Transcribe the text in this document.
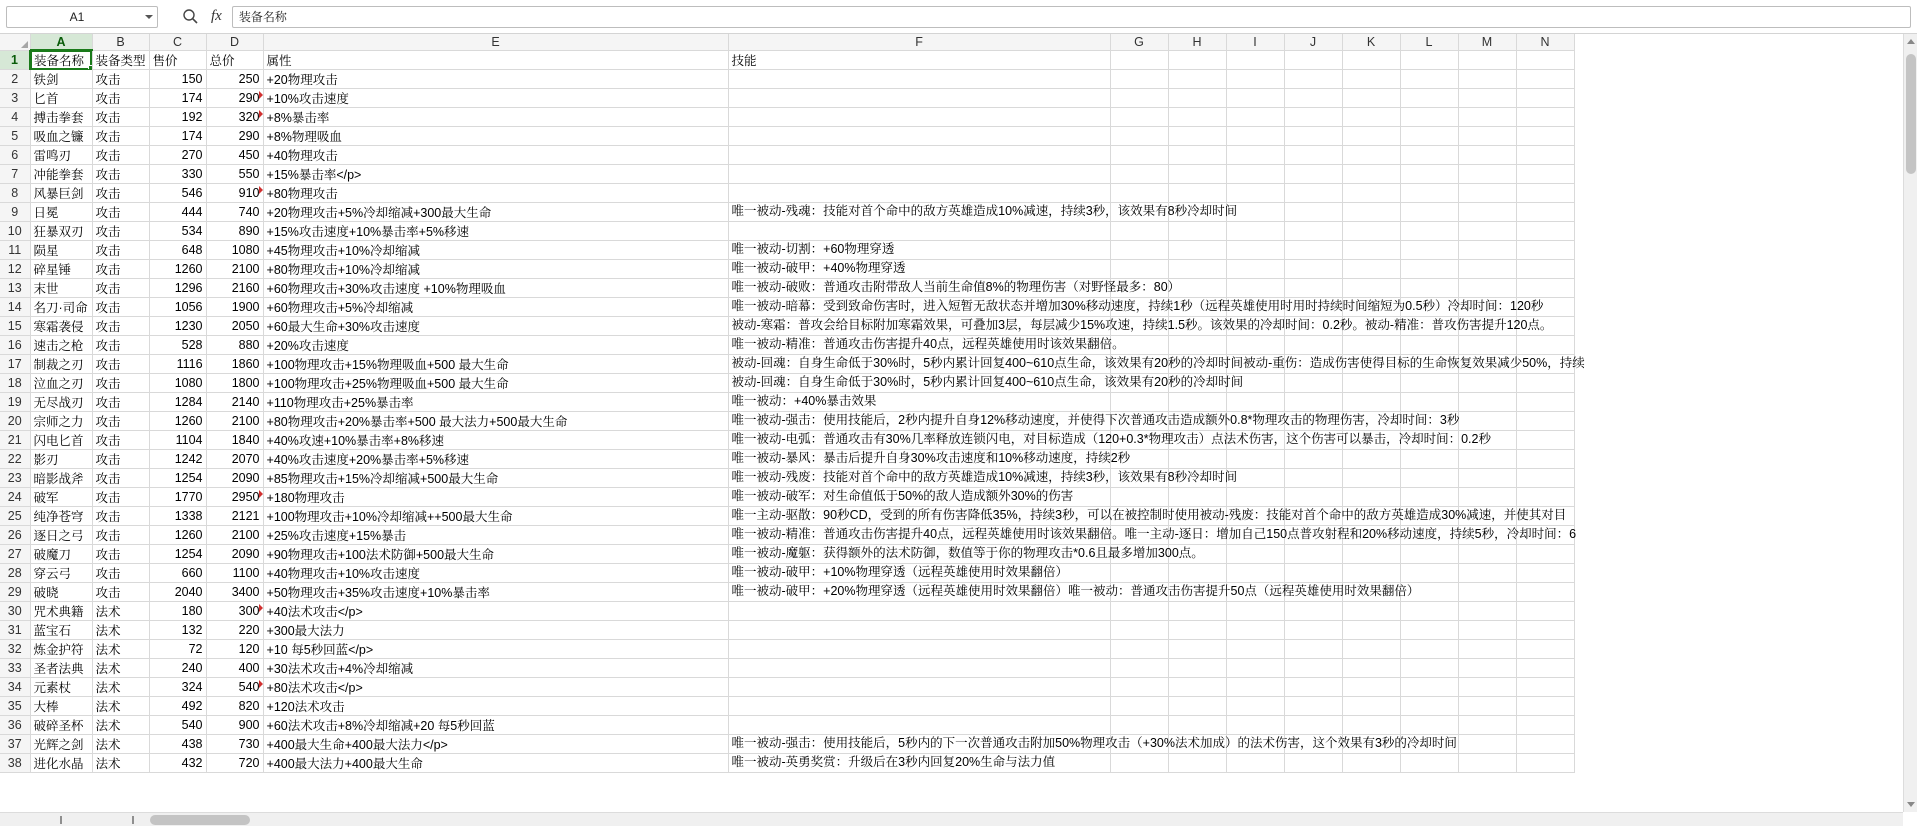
A1	fx	装备名称
	A	B	C	D	E	F	G	H	I	J	K	L	M	N
1	装备名称	装备类型	售价	总价	属性	技能								
2	铁剑	攻击	150	250	+20物理攻击									
3	匕首	攻击	174	290	+10%攻击速度									
4	搏击拳套	攻击	192	320	+8%暴击率									
5	吸血之镰	攻击	174	290	+8%物理吸血									
6	雷鸣刃	攻击	270	450	+40物理攻击									
7	冲能拳套	攻击	330	550	+15%暴击率</p>									
8	风暴巨剑	攻击	546	910	+80物理攻击									
9	日冕	攻击	444	740	+20物理攻击+5%冷却缩减+300最大生命	唯一被动-残魂：技能对首个命中的敌方英雄造成10%减速，持续3秒，该效果有8秒冷却时间								

10	狂暴双刃	攻击	534	890	+15%攻击速度+10%暴击率+5%移速									
11	陨星	攻击	648	1080	+45物理攻击+10%冷却缩减	唯一被动-切割：+60物理穿透								

12	碎星锤	攻击	1260	2100	+80物理攻击+10%冷却缩减	唯一被动-破甲：+40%物理穿透								

13	末世	攻击	1296	2160	+60物理攻击+30%攻击速度 +10%物理吸血	唯一被动-破败：普通攻击附带敌人当前生命值8%的物理伤害（对野怪最多：80）								

14	名刀·司命	攻击	1056	1900	+60物理攻击+5%冷却缩减	唯一被动-暗幕：受到致命伤害时，进入短暂无敌状态并增加30%移动速度，持续1秒（远程英雄使用时用时持续时间缩短为0.5秒）冷却时间：120秒								

15	寒霜袭侵	攻击	1230	2050	+60最大生命+30%攻击速度	被动-寒霜：普攻会给目标附加寒霜效果，可叠加3层，每层减少15%攻速，持续1.5秒。该效果的冷却时间：0.2秒。被动-精准：普攻伤害提升120点。								

16	速击之枪	攻击	528	880	+20%攻击速度	唯一被动-精准：普通攻击伤害提升40点，远程英雄使用时该效果翻倍。								

17	制裁之刃	攻击	1116	1860	+100物理攻击+15%物理吸血+500 最大生命	被动-回魂：自身生命低于30%时，5秒内累计回复400~610点生命，该效果有20秒的冷却时间被动-重伤：造成伤害使得目标的生命恢复效果减少50%，持续								

18	泣血之刃	攻击	1080	1800	+100物理攻击+25%物理吸血+500 最大生命	被动-回魂：自身生命低于30%时，5秒内累计回复400~610点生命，该效果有20秒的冷却时间								

19	无尽战刃	攻击	1284	2140	+110物理攻击+25%暴击率	唯一被动：+40%暴击效果								

20	宗师之力	攻击	1260	2100	+80物理攻击+20%暴击率+500 最大法力+500最大生命	唯一被动-强击：使用技能后，2秒内提升自身12%移动速度，并使得下次普通攻击造成额外0.8*物理攻击的物理伤害，冷却时间：3秒								

21	闪电匕首	攻击	1104	1840	+40%攻速+10%暴击率+8%移速	唯一被动-电弧：普通攻击有30%几率释放连锁闪电，对目标造成（120+0.3*物理攻击）点法术伤害，这个伤害可以暴击，冷却时间：0.2秒								

22	影刃	攻击	1242	2070	+40%攻击速度+20%暴击率+5%移速	唯一被动-暴风：暴击后提升自身30%攻击速度和10%移动速度，持续2秒								

23	暗影战斧	攻击	1254	2090	+85物理攻击+15%冷却缩减+500最大生命	唯一被动-残废：技能对首个命中的敌方英雄造成10%减速，持续3秒，该效果有8秒冷却时间								

24	破军	攻击	1770	2950	+180物理攻击	唯一被动-破军：对生命值低于50%的敌人造成额外30%的伤害								

25	纯净苍穹	攻击	1338	2121	+100物理攻击+10%冷却缩减++500最大生命	唯一主动-驱散：90秒CD，受到的所有伤害降低35%，持续3秒，可以在被控制时使用被动-残废：技能对首个命中的敌方英雄造成30%减速，并使其对目								

26	逐日之弓	攻击	1260	2100	+25%攻击速度+15%暴击	唯一被动-精准：普通攻击伤害提升40点，远程英雄使用时该效果翻倍。唯一主动-逐日：增加自己150点普攻射程和20%移动速度，持续5秒，冷却时间：6								

27	破魔刀	攻击	1254	2090	+90物理攻击+100法术防御+500最大生命	唯一被动-魔躯：获得额外的法术防御，数值等于你的物理攻击*0.6且最多增加300点。								

28	穿云弓	攻击	660	1100	+40物理攻击+10%攻击速度	唯一被动-破甲：+10%物理穿透（远程英雄使用时效果翻倍）								

29	破晓	攻击	2040	3400	+50物理攻击+35%攻击速度+10%暴击率	唯一被动-破甲：+20%物理穿透（远程英雄使用时效果翻倍）唯一被动：普通攻击伤害提升50点（远程英雄使用时效果翻倍）								

30	咒术典籍	法术	180	300	+40法术攻击</p>									
31	蓝宝石	法术	132	220	+300最大法力									
32	炼金护符	法术	72	120	+10 每5秒回蓝</p>									
33	圣者法典	法术	240	400	+30法术攻击+4%冷却缩减									
34	元素杖	法术	324	540	+80法术攻击</p>									
35	大棒	法术	492	820	+120法术攻击									
36	破碎圣杯	法术	540	900	+60法术攻击+8%冷却缩减+20 每5秒回蓝									
37	光辉之剑	法术	438	730	+400最大生命+400最大法力</p>	唯一被动-强击：使用技能后，5秒内的下一次普通攻击附加50%物理攻击（+30%法术加成）的法术伤害，这个效果有3秒的冷却时间								

38	进化水晶	法术	432	720	+400最大法力+400最大生命	唯一被动-英勇奖赏：升级后在3秒内回复20%生命与法力值								
